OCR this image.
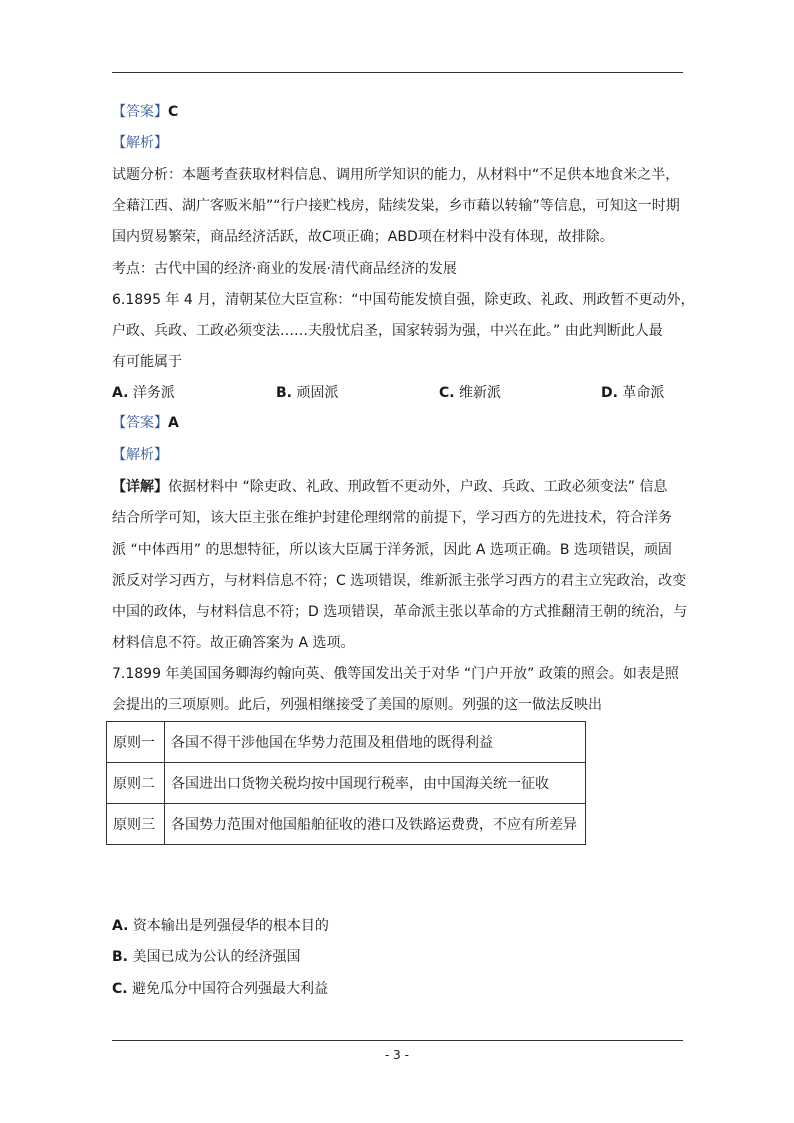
【答案】C
【解析】
试题分析：本题考查获取材料信息、调用所学知识的能力，从材料中“不足供本地食米之半，
全藉江西、湖广客贩米船”“行户接贮栈房，陆续发粜，乡市藉以转输”等信息，可知这一时期
国内贸易繁荣，商品经济活跃，故C项正确；ABD项在材料中没有体现，故排除。
考点：古代中国的经济·商业的发展·清代商品经济的发展
6.1895 年 4 月，清朝某位大臣宣称：“中国苟能发愤自强，除吏政、礼政、刑政暂不更动外，
户政、兵政、工政必须变法……夫殷忧启圣，国家转弱为强，中兴在此。” 由此判断此人最
有可能属于
A. 洋务派	B. 顽固派	C. 维新派	D. 革命派
【答案】A
【解析】
【详解】依据材料中 “除吏政、礼政、刑政暂不更动外，户政、兵政、工政必须变法” 信息
结合所学可知，该大臣主张在维护封建伦理纲常的前提下，学习西方的先进技术，符合洋务
派 “中体西用” 的思想特征，所以该大臣属于洋务派，因此 A 选项正确。B 选项错误，顽固
派反对学习西方，与材料信息不符；C 选项错误，维新派主张学习西方的君主立宪政治，改变
中国的政体，与材料信息不符；D 选项错误，革命派主张以革命的方式推翻清王朝的统治，与
材料信息不符。故正确答案为 A 选项。
7.1899 年美国国务卿海约翰向英、俄等国发出关于对华 “门户开放” 政策的照会。如表是照
会提出的三项原则。此后，列强相继接受了美国的原则。列强的这一做法反映出
原则一	各国不得干涉他国在华势力范围及租借地的既得利益
原则二	各国进出口货物关税均按中国现行税率，由中国海关统一征收
原则三	各国势力范围对他国船舶征收的港口及铁路运费费，不应有所差异
A. 资本输出是列强侵华的根本目的
B. 美国已成为公认的经济强国
C. 避免瓜分中国符合列强最大利益
- 3 -
